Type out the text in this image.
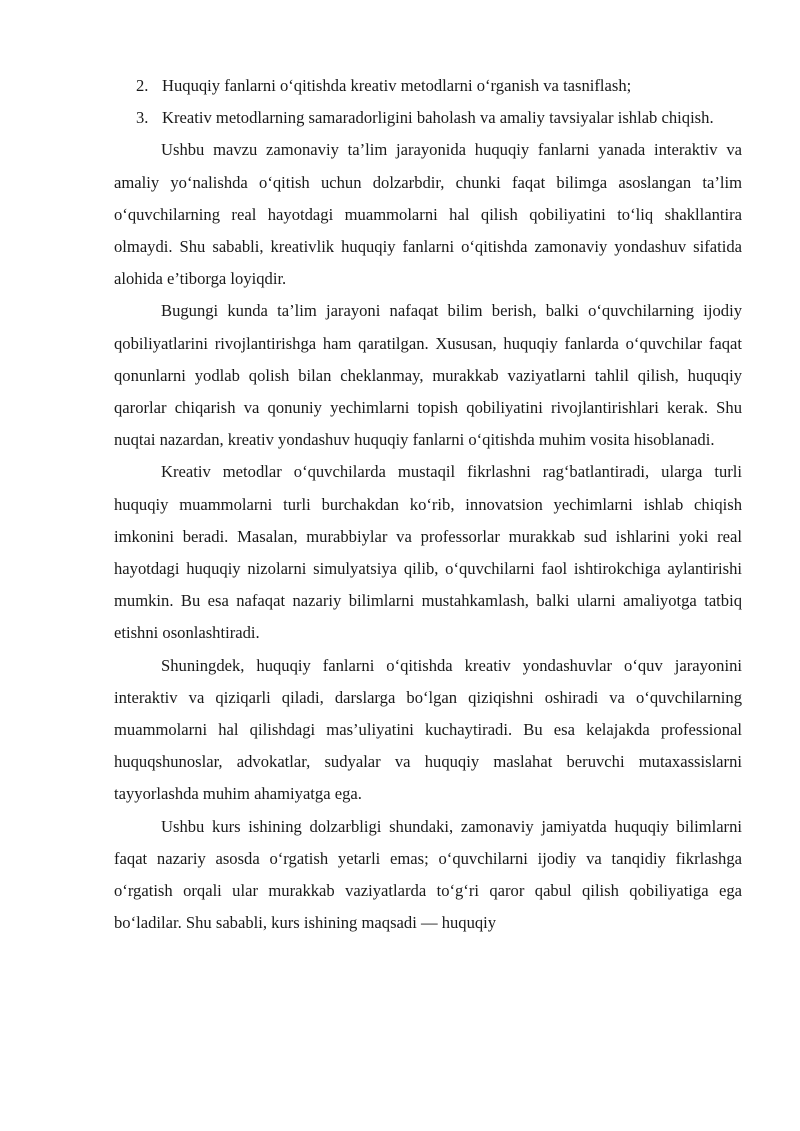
2. Huquqiy fanlarni o‘qitishda kreativ metodlarni o‘rganish va tasniflash;
3. Kreativ metodlarning samaradorligini baholash va amaliy tavsiyalar ishlab chiqish.

Ushbu mavzu zamonaviy ta’lim jarayonida huquqiy fanlarni yanada interaktiv va amaliy yo‘nalishda o‘qitish uchun dolzarbdir, chunki faqat bilimga asoslangan ta’lim o‘quvchilarning real hayotdagi muammolarni hal qilish qobiliyatini to‘liq shakllantira olmaydi. Shu sababli, kreativlik huquqiy fanlarni o‘qitishda zamonaviy yondashuv sifatida alohida e’tiborga loyiqdir.

Bugungi kunda ta’lim jarayoni nafaqat bilim berish, balki o‘quvchilarning ijodiy qobiliyatlarini rivojlantirishga ham qaratilgan. Xususan, huquqiy fanlarda o‘quvchilar faqat qonunlarni yodlab qolish bilan cheklanmay, murakkab vaziyatlarni tahlil qilish, huquqiy qarorlar chiqarish va qonuniy yechimlarni topish qobiliyatini rivojlantirishlari kerak. Shu nuqtai nazardan, kreativ yondashuv huquqiy fanlarni o‘qitishda muhim vosita hisoblanadi.

Kreativ metodlar o‘quvchilarda mustaqil fikrlashni rag‘batlantiradi, ularga turli huquqiy muammolarni turli burchakdan ko‘rib, innovatsion yechimlarni ishlab chiqish imkonini beradi. Masalan, murabbiylar va professorlar murakkab sud ishlarini yoki real hayotdagi huquqiy nizolarni simulyatsiya qilib, o‘quvchilarni faol ishtirokchiga aylantirishi mumkin. Bu esa nafaqat nazariy bilimlarni mustahkamlash, balki ularni amaliyotga tatbiq etishni osonlashtiradi.

Shuningdek, huquqiy fanlarni o‘qitishda kreativ yondashuvlar o‘quv jarayonini interaktiv va qiziqarli qiladi, darslarga bo‘lgan qiziqishni oshiradi va o‘quvchilarning muammolarni hal qilishdagi mas’uliyatini kuchaytiradi. Bu esa kelajakda professional huquqshunoslar, advokatlar, sudyalar va huquqiy maslahat beruvchi mutaxassislarni tayyorlashda muhim ahamiyatga ega.

Ushbu kurs ishining dolzarbligi shundaki, zamonaviy jamiyatda huquqiy bilimlarni faqat nazariy asosda o‘rgatish yetarli emas; o‘quvchilarni ijodiy va tanqidiy fikrlashga o‘rgatish orqali ular murakkab vaziyatlarda to‘g‘ri qaror qabul qilish qobiliyatiga ega bo‘ladilar. Shu sababli, kurs ishining maqsadi — huquqiy
